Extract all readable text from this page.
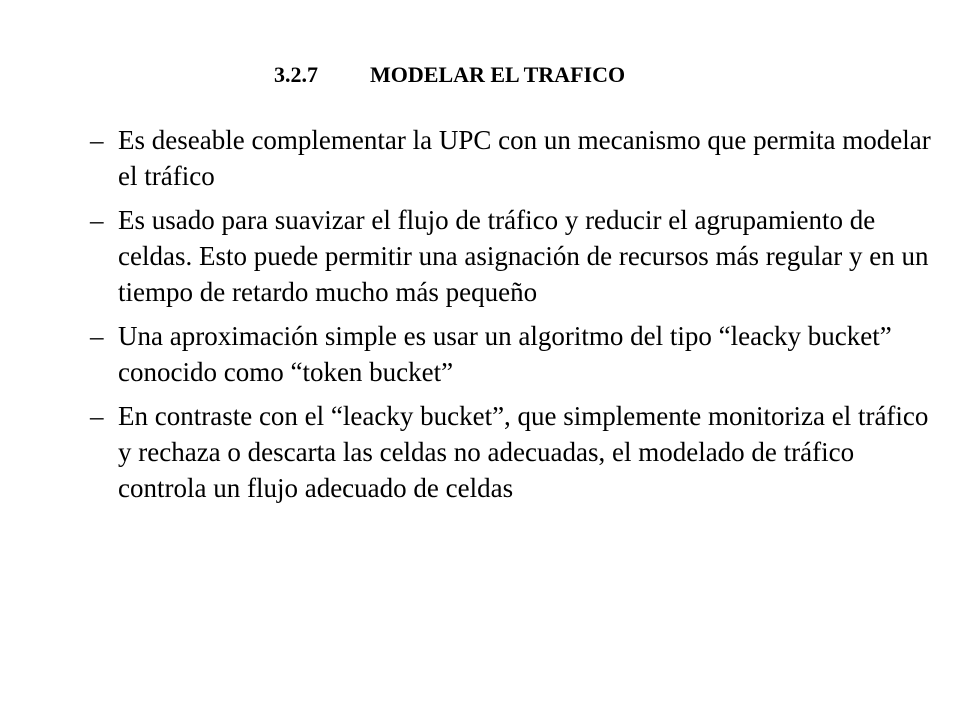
3.2.7 MODELAR EL TRAFICO
– Es deseable complementar la UPC con un mecanismo que permita modelar el tráfico
– Es usado para suavizar el flujo de tráfico y reducir el agrupamiento de celdas. Esto puede permitir una asignación de recursos más regular y en un tiempo de retardo mucho más pequeño
– Una aproximación simple es usar un algoritmo del tipo “leacky bucket” conocido como “token bucket”
– En contraste con el “leacky bucket”, que simplemente monitoriza el tráfico y rechaza o descarta las celdas no adecuadas, el modelado de tráfico controla un flujo adecuado de celdas
